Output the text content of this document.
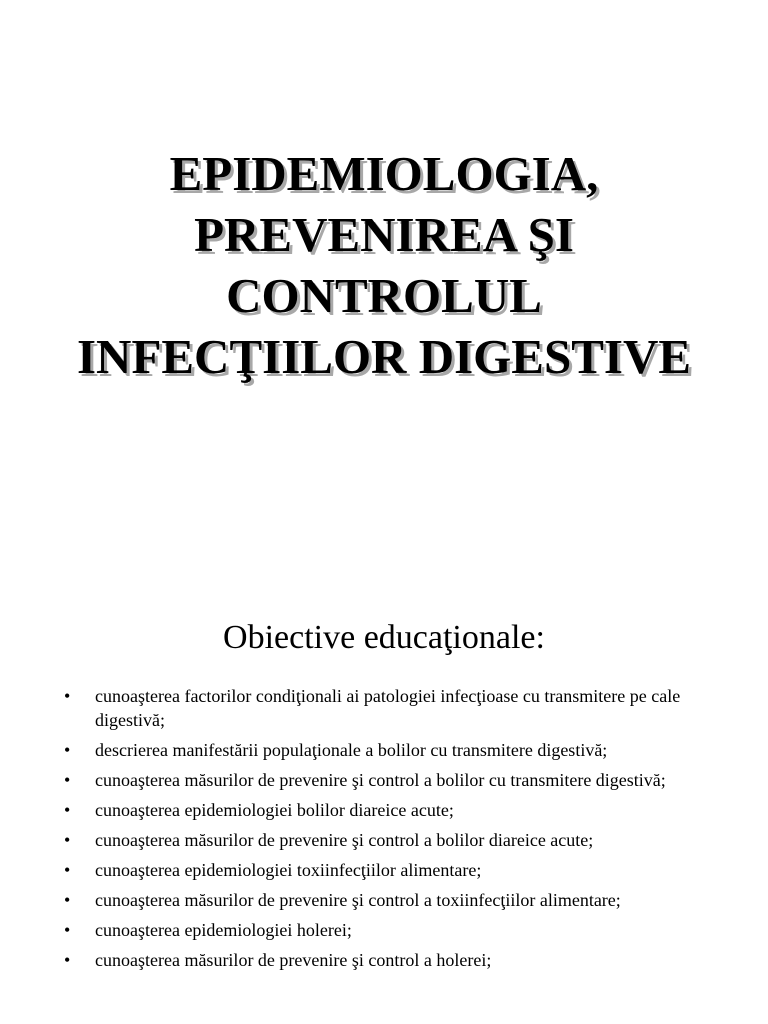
EPIDEMIOLOGIA,
PREVENIREA ŞI
CONTROLUL
INFECŢIILOR DIGESTIVE
Obiective educaţionale:
•	cunoaşterea factorilor condiţionali ai patologiei infecţioase cu transmitere pe cale digestivă;
•	descrierea manifestării populaţionale a bolilor cu transmitere digestivă;
•	cunoaşterea măsurilor de prevenire şi control a bolilor cu transmitere digestivă;
•	cunoaşterea epidemiologiei bolilor diareice acute;
•	cunoaşterea măsurilor de prevenire şi control a bolilor diareice acute;
•	cunoaşterea epidemiologiei toxiinfecţiilor alimentare;
•	cunoaşterea măsurilor de prevenire şi control a toxiinfecţiilor alimentare;
•	cunoaşterea epidemiologiei holerei;
•	cunoaşterea măsurilor de prevenire şi control a holerei;
